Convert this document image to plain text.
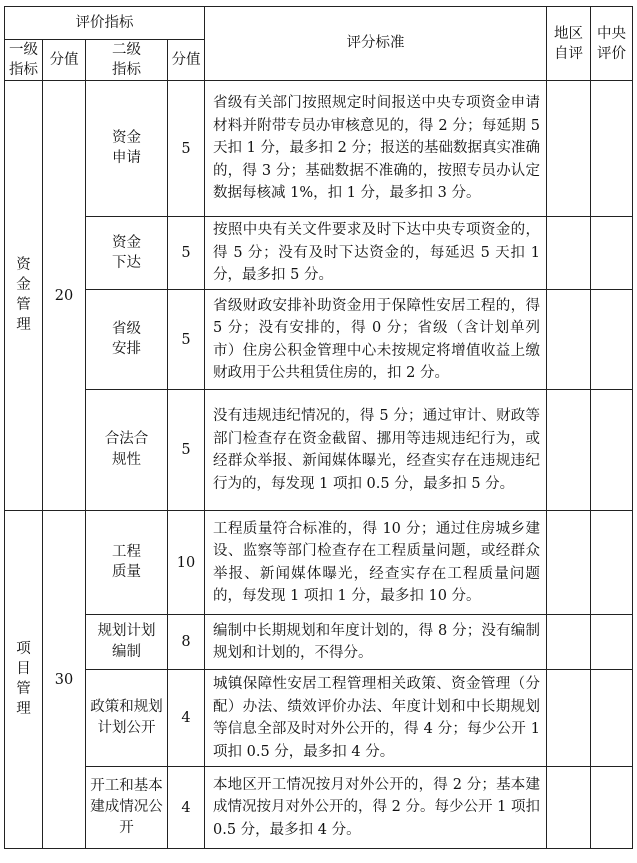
评价指标				评分标准	地区自评	中央评价
一级指标	分值	二级指标	分值			
资金管理	20	资金申请	5	省级有关部门按照规定时间报送中央专项资金申请材料并附带专员办审核意见的，得 2 分；每延期 5 天扣 1 分，最多扣 2 分；报送的基础数据真实准确的，得 3 分；基础数据不准确的，按照专员办认定数据每核减 1%，扣 1 分，最多扣 3 分。		
		资金下达	5	按照中央有关文件要求及时下达中央专项资金的，得 5 分；没有及时下达资金的，每延迟 5 天扣 1 分，最多扣 5 分。		
		省级安排	5	省级财政安排补助资金用于保障性安居工程的，得 5 分；没有安排的，得 0 分；省级（含计划单列市）住房公积金管理中心未按规定将增值收益上缴财政用于公共租赁住房的，扣 2 分。		
		合法合规性	5	没有违规违纪情况的，得 5 分；通过审计、财政等部门检查存在资金截留、挪用等违规违纪行为，或经群众举报、新闻媒体曝光，经查实存在违规违纪行为的，每发现 1 项扣 0.5 分，最多扣 5 分。		
项目管理	30	工程质量	10	工程质量符合标准的，得 10 分；通过住房城乡建设、监察等部门检查存在工程质量问题，或经群众举报、新闻媒体曝光，经查实存在工程质量问题的，每发现 1 项扣 1 分，最多扣 10 分。		
		规划计划编制	8	编制中长期规划和年度计划的，得 8 分；没有编制规划和计划的，不得分。		
		政策和规划计划公开	4	城镇保障性安居工程管理相关政策、资金管理（分配）办法、绩效评价办法、年度计划和中长期规划等信息全部及时对外公开的，得 4 分；每少公开 1 项扣 0.5 分，最多扣 4 分。		
		开工和基本建成情况公开	4	本地区开工情况按月对外公开的，得 2 分；基本建成情况按月对外公开的，得 2 分。每少公开 1 项扣 0.5 分，最多扣 4 分。		
